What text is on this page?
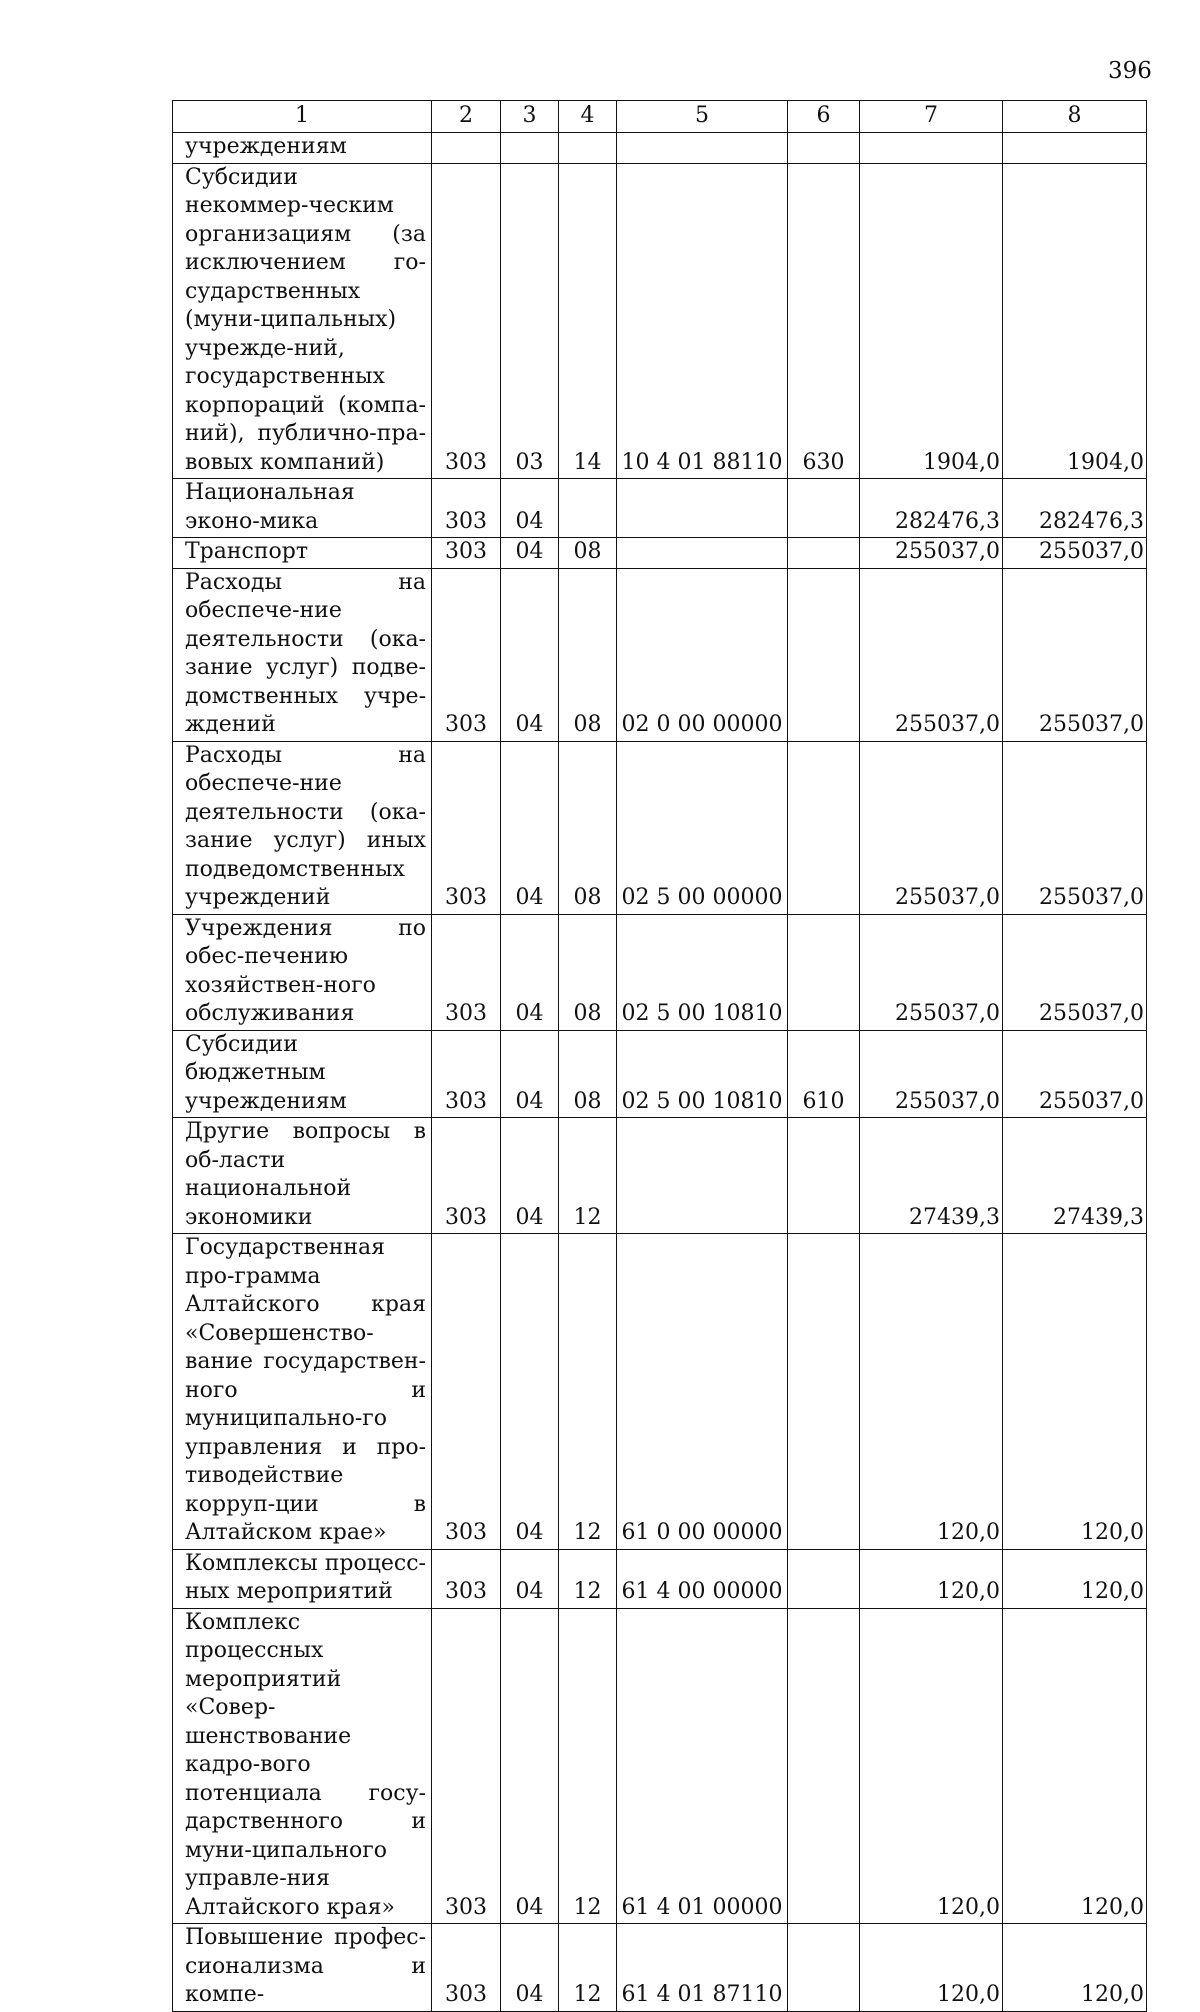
396
1	2	3	4	5	6	7	8

учреждениям							

Субсидии некоммер-ческим организациям (за исключением го-сударственных (муни-ципальных) учрежде-ний, государственных корпораций (компа-ний), публично-пра-вовых компаний)	303	03	14	10 4 01 88110	630	1904,0	1904,0

Национальная эконо-мика	303	04				282476,3	282476,3

Транспорт	303	04	08			255037,0	255037,0

Расходы на обеспече-ние деятельности (ока-зание услуг) подве-домственных учре-ждений	303	04	08	02 0 00 00000		255037,0	255037,0

Расходы на обеспече-ние деятельности (ока-зание услуг) иных подведомственных учреждений	303	04	08	02 5 00 00000		255037,0	255037,0

Учреждения по обес-печению хозяйствен-ного обслуживания	303	04	08	02 5 00 10810		255037,0	255037,0

Субсидии бюджетным учреждениям	303	04	08	02 5 00 10810	610	255037,0	255037,0

Другие вопросы в об-ласти национальной экономики	303	04	12			27439,3	27439,3

Государственная про-грамма Алтайского края «Совершенство-вание государствен-ного и муниципально-го управления и про-тиводействие корруп-ции в Алтайском крае»	303	04	12	61 0 00 00000		120,0	120,0

Комплексы процесс-ных мероприятий	303	04	12	61 4 00 00000		120,0	120,0

Комплекс процессных мероприятий «Совер-шенствование кадро-вого потенциала госу-дарственного и муни-ципального управле-ния Алтайского края»	303	04	12	61 4 01 00000		120,0	120,0

Повышение профес-сионализма и компе-	303	04	12	61 4 01 87110		120,0	120,0
